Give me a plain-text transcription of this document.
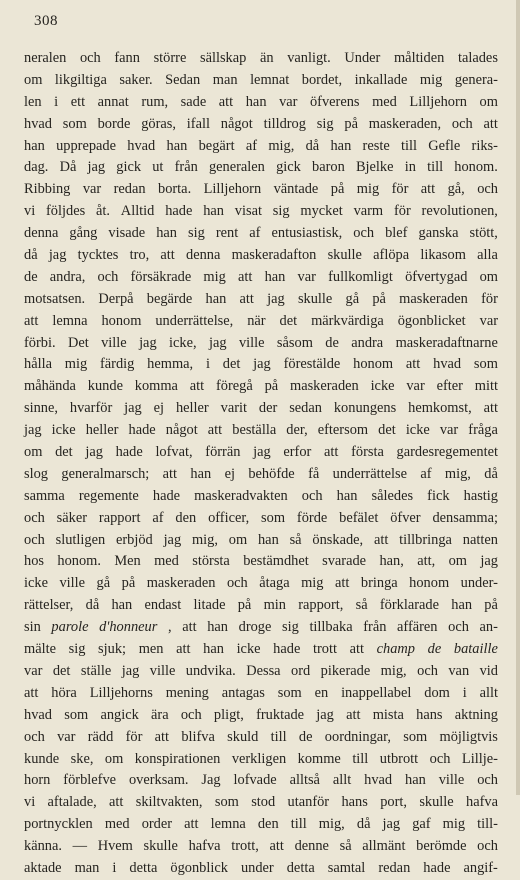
308
neralen och fann större sällskap än vanligt. Under måltiden talades
om likgiltiga saker. Sedan man lemnat bordet, inkallade mig genera-
len i ett annat rum, sade att han var öfverens med Lilljehorn om
hvad som borde göras, ifall något tilldrog sig på maskeraden, och att
han upprepade hvad han begärt af mig, då han reste till Gefle riks-
dag. Då jag gick ut från generalen gick baron Bjelke in till honom.
Ribbing var redan borta. Lilljehorn väntade på mig för att gå, och
vi följdes åt. Alltid hade han visat sig mycket varm för revolutionen,
denna gång visade han sig rent af entusiastisk, och blef ganska stött,
då jag tycktes tro, att denna maskeradafton skulle aflöpa likasom alla
de andra, och försäkrade mig att han var fullkomligt öfvertygad om
motsatsen. Derpå begärde han att jag skulle gå på maskeraden för
att lemna honom underrättelse, när det märkvärdiga ögonblicket var
förbi. Det ville jag icke, jag ville såsom de andra maskeradaftnarne
hålla mig färdig hemma, i det jag förestälde honom att hvad som
måhända kunde komma att föregå på maskeraden icke var efter mitt
sinne, hvarför jag ej heller varit der sedan konungens hemkomst, att
jag icke heller hade något att beställa der, eftersom det icke var fråga
om det jag hade lofvat, förrän jag erfor att första gardesregementet
slog generalmarsch; att han ej behöfde få underrättelse af mig, då
samma regemente hade maskeradvakten och han således fick hastig
och säker rapport af den officer, som förde befälet öfver densamma;
och slutligen erbjöd jag mig, om han så önskade, att tillbringa natten
hos honom. Men med största bestämdhet svarade han, att, om jag
icke ville gå på maskeraden och åtaga mig att bringa honom under-
rättelser, då han endast litade på min rapport, så förklarade han på
sin parole d'honneur , att han droge sig tillbaka från affären och an-
mälte sig sjuk; men att han icke hade trott att champ de bataille
var det ställe jag ville undvika. Dessa ord pikerade mig, och van vid
att höra Lilljehorns mening antagas som en inappellabel dom i allt
hvad som angick ära och pligt, fruktade jag att mista hans aktning
och var rädd för att blifva skuld till de oordningar, som möjligtvis
kunde ske, om konspirationen verkligen komme till utbrott och Lillje-
horn förblefve overksam. Jag lofvade alltså allt hvad han ville och
vi aftalade, att skiltvakten, som stod utanför hans port, skulle hafva
portnycklen med order att lemna den till mig, då jag gaf mig till-
känna. — Hvem skulle hafva trott, att denne så allmänt berömde och
aktade man i detta ögonblick under detta samtal redan hade angif-
